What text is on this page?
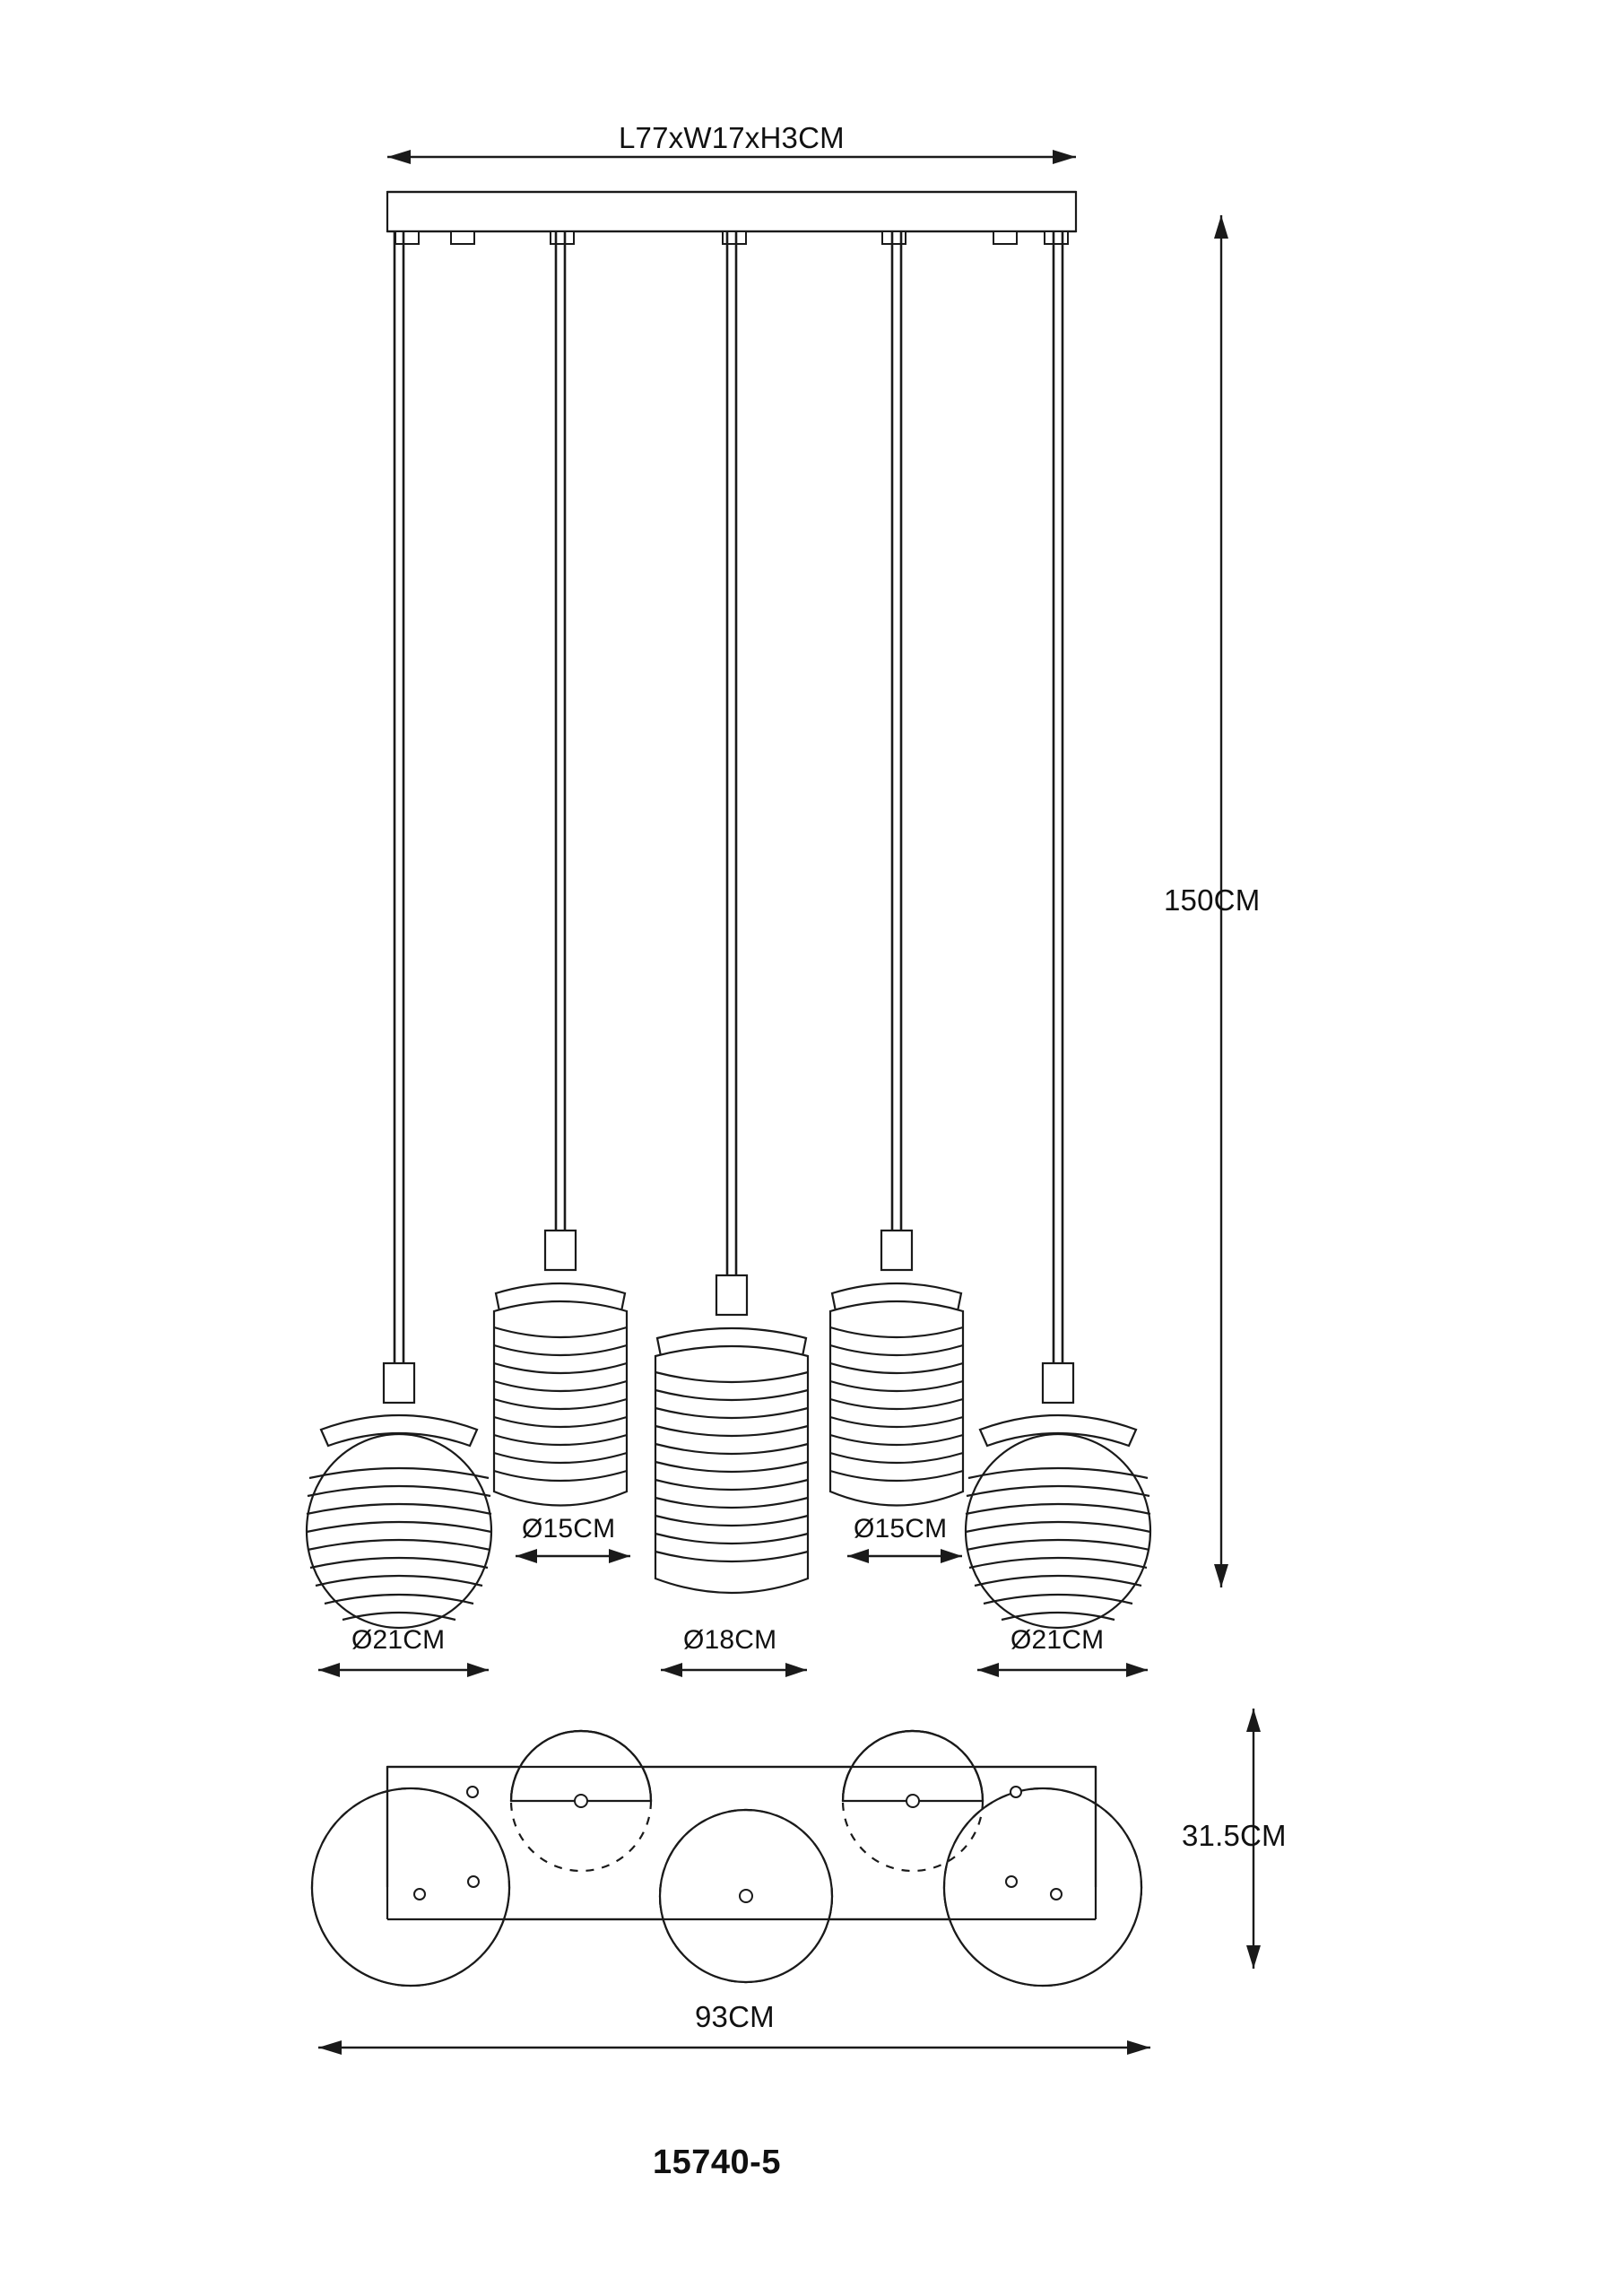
L77xW17xH3CM
150CM
Ø15CM	Ø15CM
Ø21CM	Ø18CM	Ø21CM
31.5CM
93CM
15740-5
